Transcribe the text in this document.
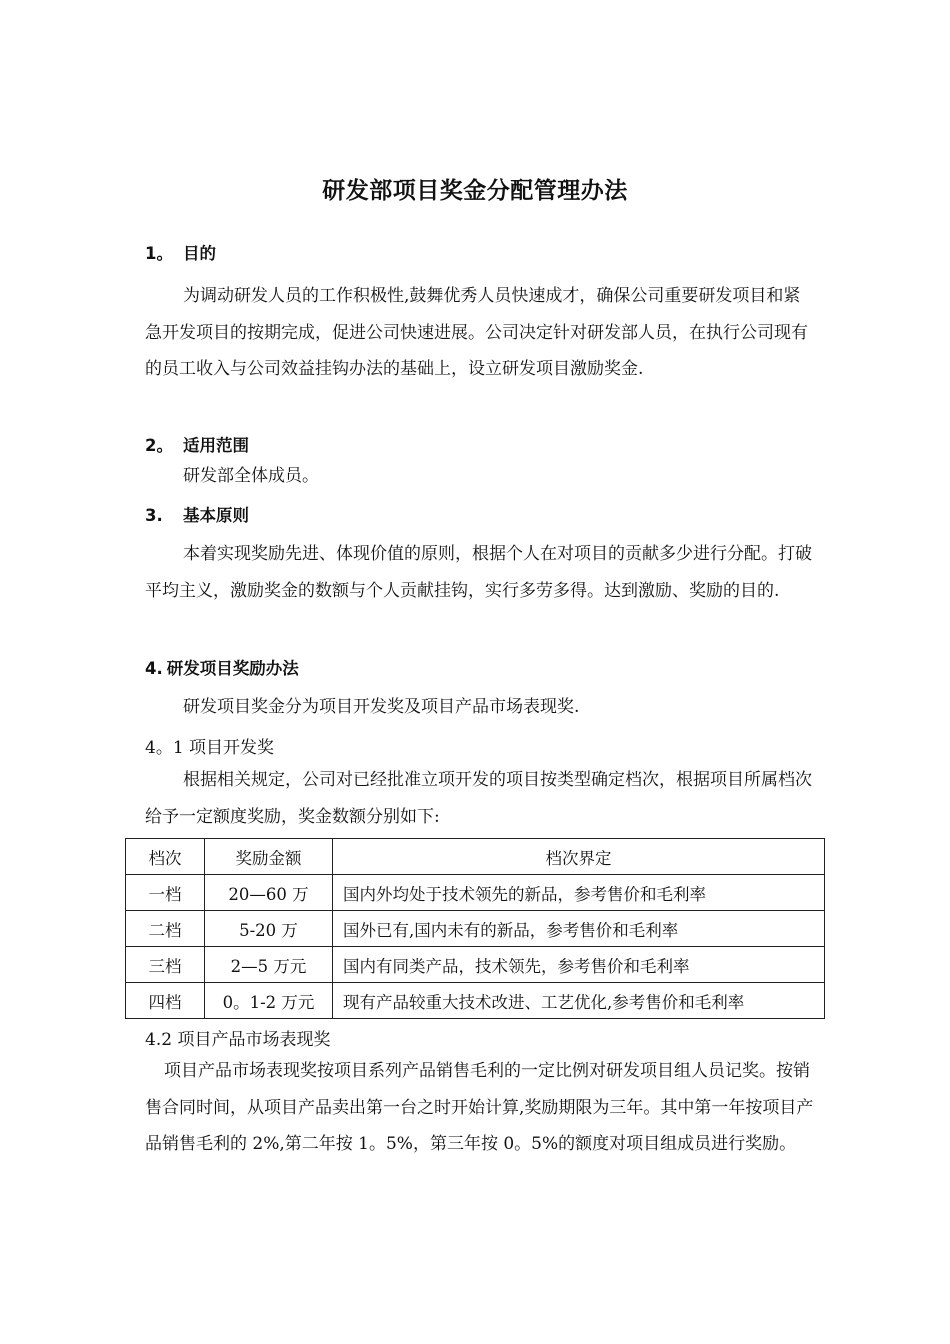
研发部项目奖金分配管理办法
1。 目的
为调动研发人员的工作积极性,鼓舞优秀人员快速成才，确保公司重要研发项目和紧急开发项目的按期完成，促进公司快速进展。公司决定针对研发部人员，在执行公司现有的员工收入与公司效益挂钩办法的基础上，设立研发项目激励奖金.
2。 适用范围
研发部全体成员。
3. 基本原则
本着实现奖励先进、体现价值的原则，根据个人在对项目的贡献多少进行分配。打破平均主义，激励奖金的数额与个人贡献挂钩，实行多劳多得。达到激励、奖励的目的.
4. 研发项目奖励办法
研发项目奖金分为项目开发奖及项目产品市场表现奖.
4。1 项目开发奖
根据相关规定，公司对已经批准立项开发的项目按类型确定档次，根据项目所属档次给予一定额度奖励，奖金数额分别如下:
档次	奖励金额	档次界定
一档	20—60 万	国内外均处于技术领先的新品，参考售价和毛利率
二档	5-20 万	国外已有,国内未有的新品，参考售价和毛利率
三档	2—5 万元	国内有同类产品，技术领先，参考售价和毛利率
四档	0。1-2 万元	现有产品较重大技术改进、工艺优化,参考售价和毛利率
4.2 项目产品市场表现奖
项目产品市场表现奖按项目系列产品销售毛利的一定比例对研发项目组人员记奖。按销售合同时间，从项目产品卖出第一台之时开始计算,奖励期限为三年。其中第一年按项目产品销售毛利的 2%,第二年按 1。5%，第三年按 0。5%的额度对项目组成员进行奖励。
